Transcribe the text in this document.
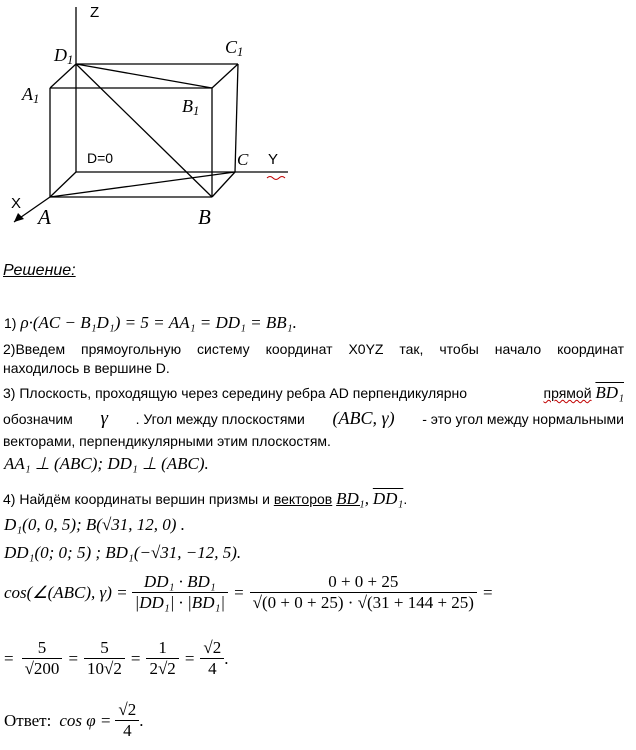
Z
Y
X
D=0
$D_1$
$C_1$
$A_1$	$B_1$
A	B
C
Решение:
1) ρ·(AC − B₁D₁) = 5 = AA₁ = DD₁ = BB₁.
2)Введем прямоугольную систему координат X0YZ так, чтобы начало координат
находилось в вершине D.
3) Плоскость, проходящую через середину ребра AD перпендикулярно	прямой BD₁
обозначим γ . Угол между плоскостями (ABC, γ) - это угол между нормальными
векторами, перпендикулярными этим плоскостям.
AA₁ ⊥ (ABC); DD₁ ⊥ (ABC).
4) Найдём координаты вершин призмы и векторов BD₁, DD₁.
D₁(0, 0, 5); B(√31, 12, 0) .
DD₁(0; 0; 5) ; BD₁(−√31, −12, 5).
cos(∠(ABC), $\gamma) = \frac{\text{DD₁ · BD₁}}{\text{|DD₁| · |BD₁|}} = \frac{0 + 0 + 25}{√(0 + 0 + 25) \cdot √(31 + 144 + 25)}$ =
= $\frac{5}{√200} = \frac{5}{10√2} = \frac{1}{2√2} = \frac{√2}{4}$ .
Ответ: $\cos \varphi = \frac{√2}{4}$ .
